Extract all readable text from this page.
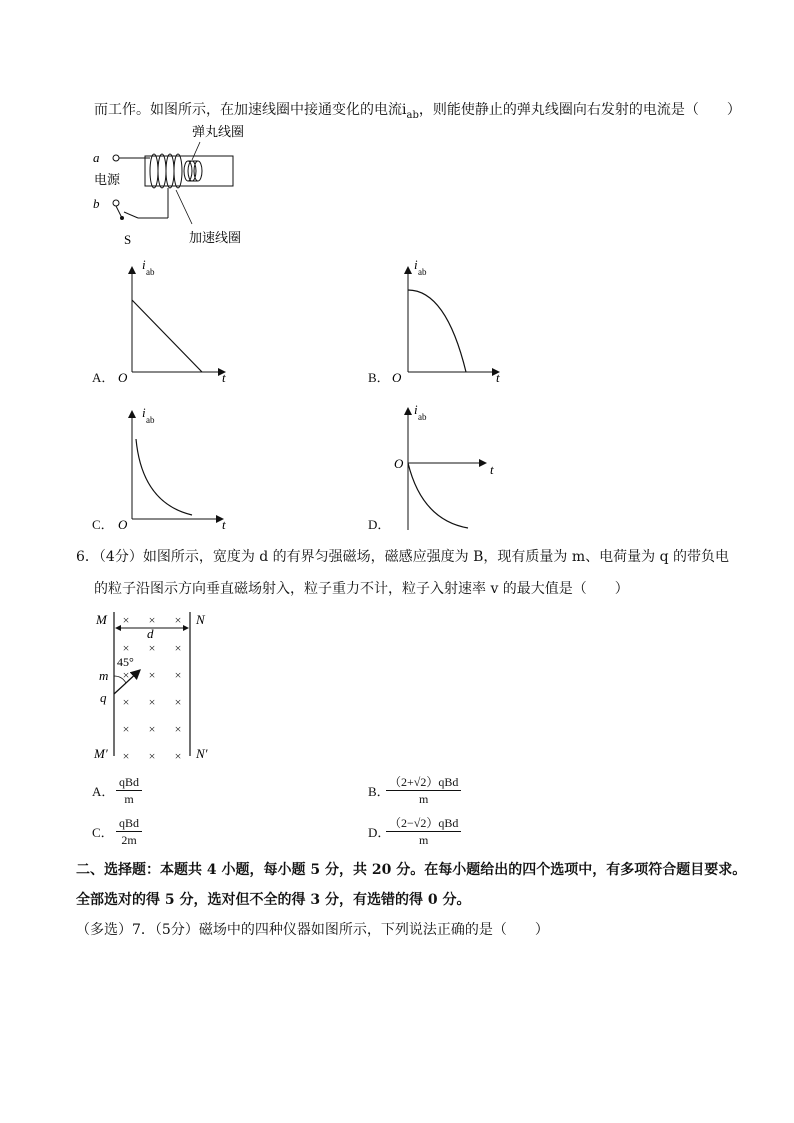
而工作。如图所示，在加速线圈中接通变化的电流$i_{ab}$，则能使静止的弹丸线圈向右发射的电流是（　　）
a
b
电源
S
弹丸线圈
加速线圈
A． O	t
i ab
B． O	t
i ab
C． O	t
i ab
D．
O	t
i ab
6．（4分）如图所示，宽度为 d 的有界匀强磁场，磁感应强度为 B，现有质量为 m、电荷量为 q 的带负电
的粒子沿图示方向垂直磁场射入，粒子重力不计，粒子入射速率 v 的最大值是（　　）
× × ×
× × ×
× × ×
× × ×
× × ×
× × ×
M	N
M′	N′
d
45°
m
q
A．
qBd
m	B．
（2+√2）qBd
m
C．
qBd
2m	D．
（2−√2）qBd
m
二、选择题：本题共 4 小题，每小题 5 分，共 20 分。在每小题给出的四个选项中，有多项符合题目要求。
全部选对的得 5 分，选对但不全的得 3 分，有选错的得 0 分。
（多选）7．（5分）磁场中的四种仪器如图所示，下列说法正确的是（　　）
